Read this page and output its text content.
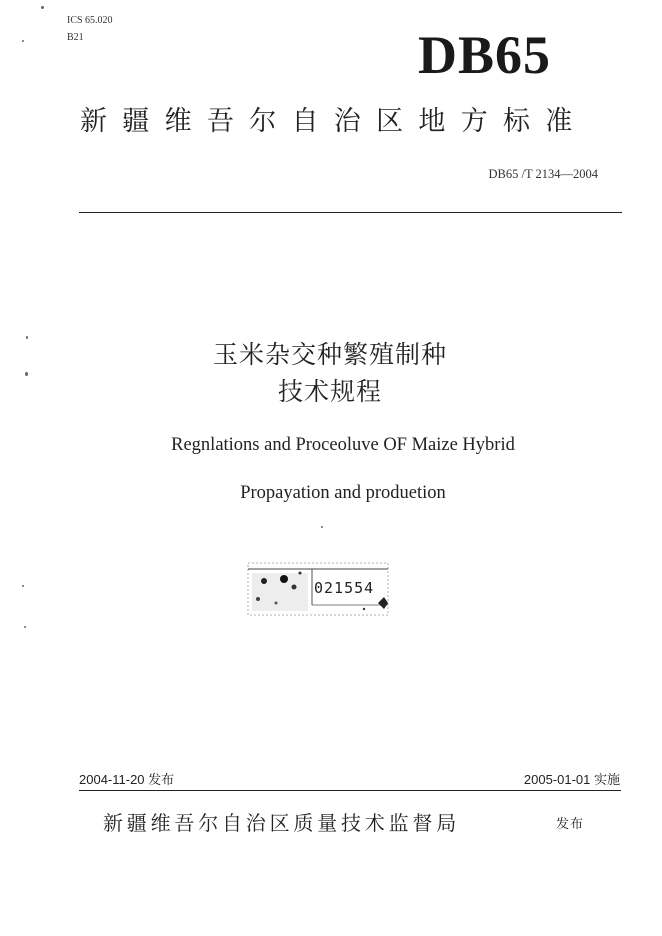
ICS 65.020
B21	DB65
新疆维吾尔自治区地方标准
DB65 /T 2134—2004
玉米杂交种繁殖制种
技术规程
Regnlations and Proceoluve OF Maize Hybrid
Propayation and produetion
021554
2004-11-20 发布	2005-01-01 实施
新疆维吾尔自治区质量技术监督局	发布
